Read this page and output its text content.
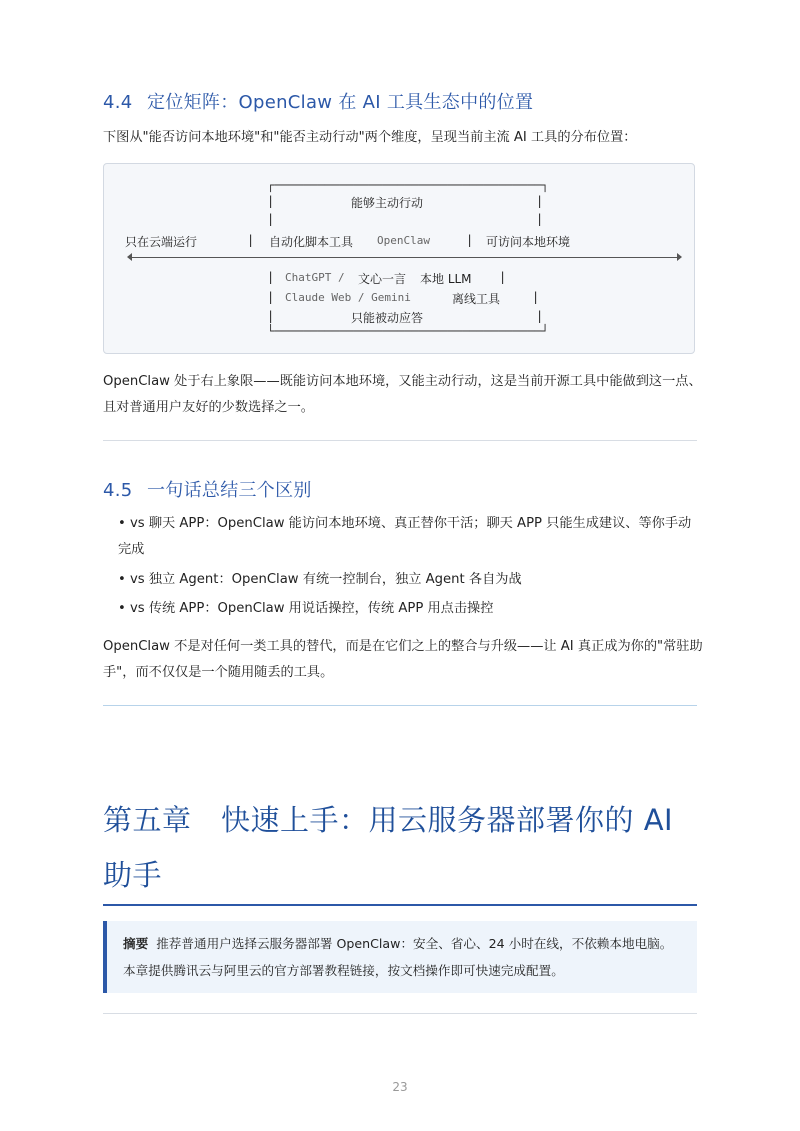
4.4 定位矩阵：OpenClaw 在 AI 工具生态中的位置
下图从"能否访问本地环境"和"能否主动行动"两个维度，呈现当前主流 AI 工具的分布位置：
┌─────────────────────────────────────┐
能够主动行动
|	|
|	|
只在云端运行	| 自动化脚本工具 OpenClaw	| 可访问本地环境
| ChatGPT / 文心一言 本地 LLM |
| Claude Web / Gemini	离线工具	|
只能被动应答
|	|
└─────────────────────────────────────┘
OpenClaw 处于右上象限——既能访问本地环境，又能主动行动，这是当前开源工具中能做到这一点、且对普通用户友好的少数选择之一。
4.5 一句话总结三个区别
• vs 聊天 APP：OpenClaw 能访问本地环境、真正替你干活；聊天 APP 只能生成建议、等你手动完成
• vs 独立 Agent：OpenClaw 有统一控制台，独立 Agent 各自为战
• vs 传统 APP：OpenClaw 用说话操控，传统 APP 用点击操控
OpenClaw 不是对任何一类工具的替代，而是在它们之上的整合与升级——让 AI 真正成为你的"常驻助手"，而不仅仅是一个随用随丢的工具。
第五章　快速上手：用云服务器部署你的 AI 助手
摘要 推荐普通用户选择云服务器部署 OpenClaw：安全、省心、24 小时在线，不依赖本地电脑。本章提供腾讯云与阿里云的官方部署教程链接，按文档操作即可快速完成配置。
23
